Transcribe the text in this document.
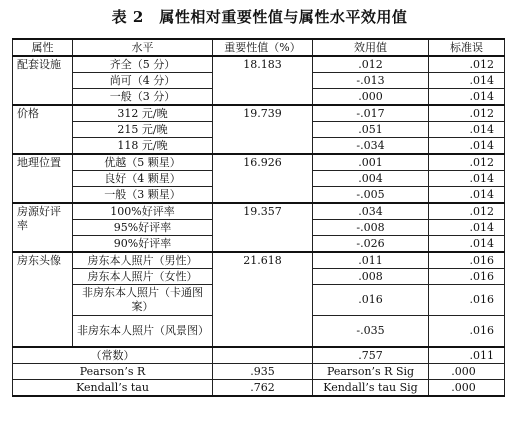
表 2　属性相对重要性值与属性水平效用值
属性	水平	重要性值（%）	效用值	标准误
配套设施	齐全（5 分）	18.183	.012	.012
	尚可（4 分）		-.013	.014
	一般（3 分）		.000	.014
价格	312 元/晚	19.739	-.017	.012
	215 元/晚		.051	.014
	118 元/晚		-.034	.014
地理位置	优越（5 颗星）	16.926	.001	.012
	良好（4 颗星）		.004	.014
	一般（3 颗星）		-.005	.014
房源好评率	100%好评率	19.357	.034	.012
	95%好评率		-.008	.014
	90%好评率		-.026	.014
房东头像	房东本人照片（男性）	21.618	.011	.016
	房东本人照片（女性）		.008	.016
	非房东本人照片（卡通图案）		.016	.016
	非房东本人照片（风景图）		-.035	.016
（常数）			.757	.011
Pearson’s R		.935	Pearson’s R Sig	.000
Kendall’s tau		.762	Kendall’s tau Sig	.000
